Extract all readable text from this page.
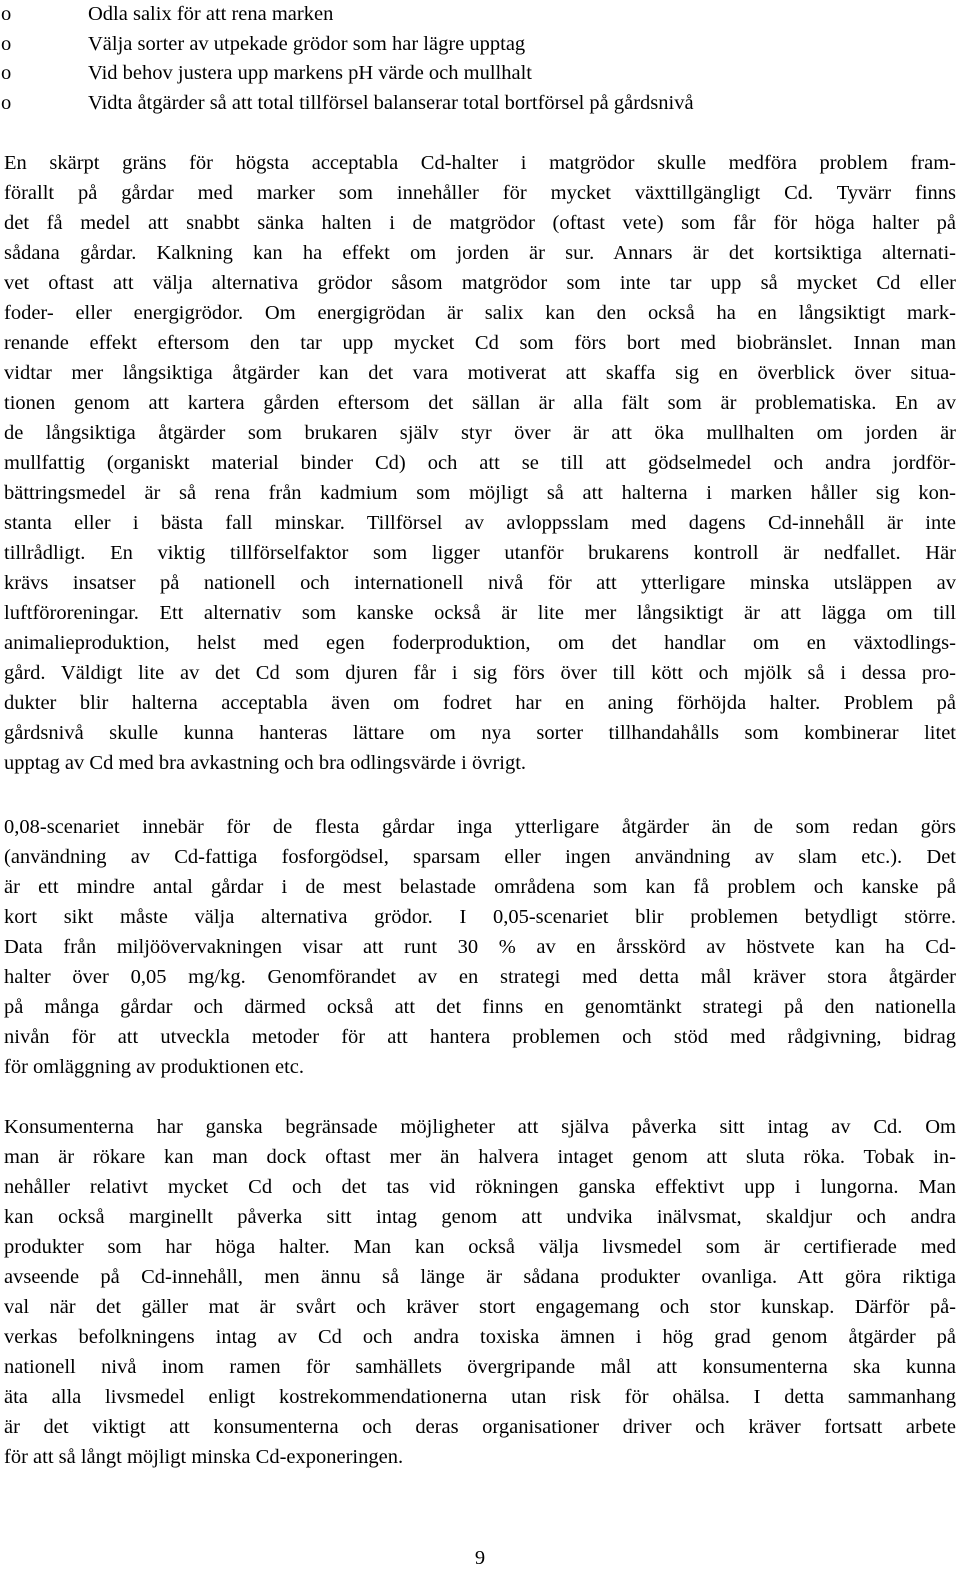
o	Odla salix för att rena marken
o	Välja sorter av utpekade grödor som har lägre upptag
o	Vid behov justera upp markens pH värde och mullhalt
o	Vidta åtgärder så att total tillförsel balanserar total bortförsel på gårdsnivå
En skärpt gräns för högsta acceptabla Cd-halter i matgrödor skulle medföra problem fram-
förallt på gårdar med marker som innehåller för mycket växttillgängligt Cd. Tyvärr finns
det få medel att snabbt sänka halten i de matgrödor (oftast vete) som får för höga halter på
sådana gårdar. Kalkning kan ha effekt om jorden är sur. Annars är det kortsiktiga alternati-
vet oftast att välja alternativa grödor såsom matgrödor som inte tar upp så mycket Cd eller
foder- eller energigrödor. Om energigrödan är salix kan den också ha en långsiktigt mark-
renande effekt eftersom den tar upp mycket Cd som förs bort med biobränslet. Innan man
vidtar mer långsiktiga åtgärder kan det vara motiverat att skaffa sig en överblick över situa-
tionen genom att kartera gården eftersom det sällan är alla fält som är problematiska. En av
de långsiktiga åtgärder som brukaren själv styr över är att öka mullhalten om jorden är
mullfattig (organiskt material binder Cd) och att se till att gödselmedel och andra jordför-
bättringsmedel är så rena från kadmium som möjligt så att halterna i marken håller sig kon-
stanta eller i bästa fall minskar. Tillförsel av avloppsslam med dagens Cd-innehåll är inte
tillrådligt. En viktig tillförselfaktor som ligger utanför brukarens kontroll är nedfallet. Här
krävs insatser på nationell och internationell nivå för att ytterligare minska utsläppen av
luftföroreningar. Ett alternativ som kanske också är lite mer långsiktigt är att lägga om till
animalieproduktion, helst med egen foderproduktion, om det handlar om en växtodlings-
gård. Väldigt lite av det Cd som djuren får i sig förs över till kött och mjölk så i dessa pro-
dukter blir halterna acceptabla även om fodret har en aning förhöjda halter. Problem på
gårdsnivå skulle kunna hanteras lättare om nya sorter tillhandahålls som kombinerar litet
upptag av Cd med bra avkastning och bra odlingsvärde i övrigt.
0,08-scenariet innebär för de flesta gårdar inga ytterligare åtgärder än de som redan görs
(användning av Cd-fattiga fosforgödsel, sparsam eller ingen användning av slam etc.). Det
är ett mindre antal gårdar i de mest belastade områdena som kan få problem och kanske på
kort sikt måste välja alternativa grödor. I 0,05-scenariet blir problemen betydligt större.
Data från miljöövervakningen visar att runt 30 % av en årsskörd av höstvete kan ha Cd-
halter över 0,05 mg/kg. Genomförandet av en strategi med detta mål kräver stora åtgärder
på många gårdar och därmed också att det finns en genomtänkt strategi på den nationella
nivån för att utveckla metoder för att hantera problemen och stöd med rådgivning, bidrag
för omläggning av produktionen etc.
Konsumenterna har ganska begränsade möjligheter att själva påverka sitt intag av Cd. Om
man är rökare kan man dock oftast mer än halvera intaget genom att sluta röka. Tobak in-
nehåller relativt mycket Cd och det tas vid rökningen ganska effektivt upp i lungorna. Man
kan också marginellt påverka sitt intag genom att undvika inälvsmat, skaldjur och andra
produkter som har höga halter. Man kan också välja livsmedel som är certifierade med
avseende på Cd-innehåll, men ännu så länge är sådana produkter ovanliga. Att göra riktiga
val när det gäller mat är svårt och kräver stort engagemang och stor kunskap. Därför på-
verkas befolkningens intag av Cd och andra toxiska ämnen i hög grad genom åtgärder på
nationell nivå inom ramen för samhällets övergripande mål att konsumenterna ska kunna
äta alla livsmedel enligt kostrekommendationerna utan risk för ohälsa. I detta sammanhang
är det viktigt att konsumenterna och deras organisationer driver och kräver fortsatt arbete
för att så långt möjligt minska Cd-exponeringen.
9
